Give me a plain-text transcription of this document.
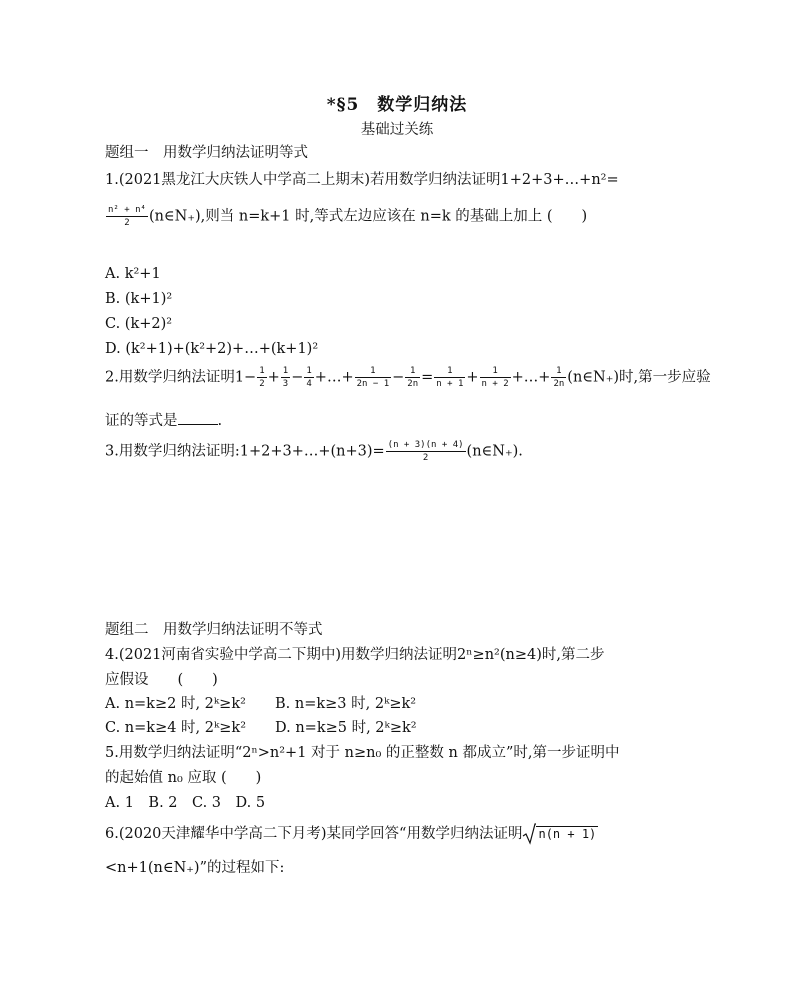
*§5　数学归纳法
基础过关练
题组一　用数学归纳法证明等式
1.(2021黑龙江大庆铁人中学高二上期末)若用数学归纳法证明1+2+3+…+n²=
$\frac{\text{n² + n⁴}}{2}$ (n∈N₊),则当 n=k+1 时,等式左边应该在 n=k 的基础上加上 (　　)
A. k²+1
B. (k+1)²
C. (k+2)²
D. (k²+1)+(k²+2)+…+(k+1)²
2.用数学归纳法证明$1- \frac{1}{2} + \frac{1}{3} - \frac{1}{4}$ +…+ $\frac{1}{2n - 1} - \frac{1}{2n} = \frac{1}{n + 1} + \frac{1}{n + 2}$ +…+ $\frac{1}{2n}$ (n∈N₊)时,第一步应验
证的等式是	.
3.用数学归纳法证明:1+2+3+…+(n+3)= $\frac{(n + 3)(n + 4)}{2}$ (n∈N₊).
题组二　用数学归纳法证明不等式
4.(2021河南省实验中学高二下期中)用数学归纳法证明2ⁿ≥n²(n≥4)时,第二步
应假设　　(　　)
A. n=k≥2 时, 2ᵏ≥k² B. n=k≥3 时, 2ᵏ≥k²
C. n=k≥4 时, 2ᵏ≥k² D. n=k≥5 时, 2ᵏ≥k²
5.用数学归纳法证明“2ⁿ>n²+1 对于 n≥n₀ 的正整数 n 都成立”时,第一步证明中
的起始值 n₀ 应取 (　　)
A. 1　B. 2　C. 3　D. 5
6.(2020天津耀华中学高二下月考)某同学回答“用数学归纳法证明 n(n + 1)
<n+1(n∈N₊)”的过程如下:
